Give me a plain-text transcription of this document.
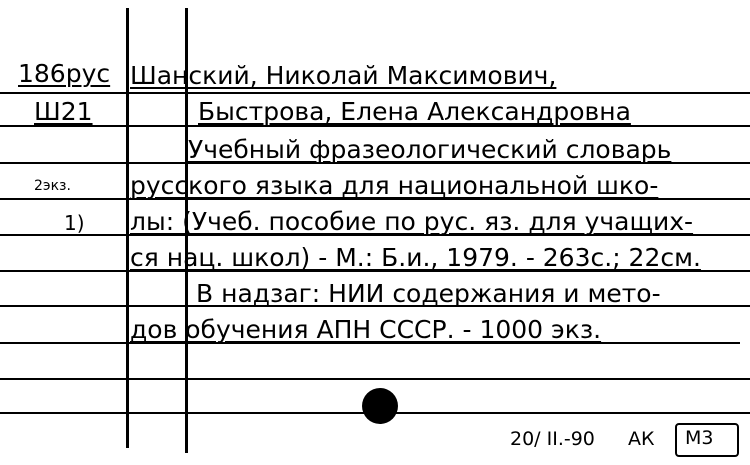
186рус
Ш21
2экз.
1)
Шанский, Николай Максимович,
Быстрова, Елена Александровна
Учебный фразеологический словарь
русского языка для национальной шко-
лы: (Учеб. пособие по рус. яз. для учащих-
ся нац. школ) - М.: Б.и., 1979. - 263с.; 22см.
В надзаг: НИИ содержания и мето-
дов обучения АПН СССР. - 1000 экз.
20/ II.-90 АК М3
